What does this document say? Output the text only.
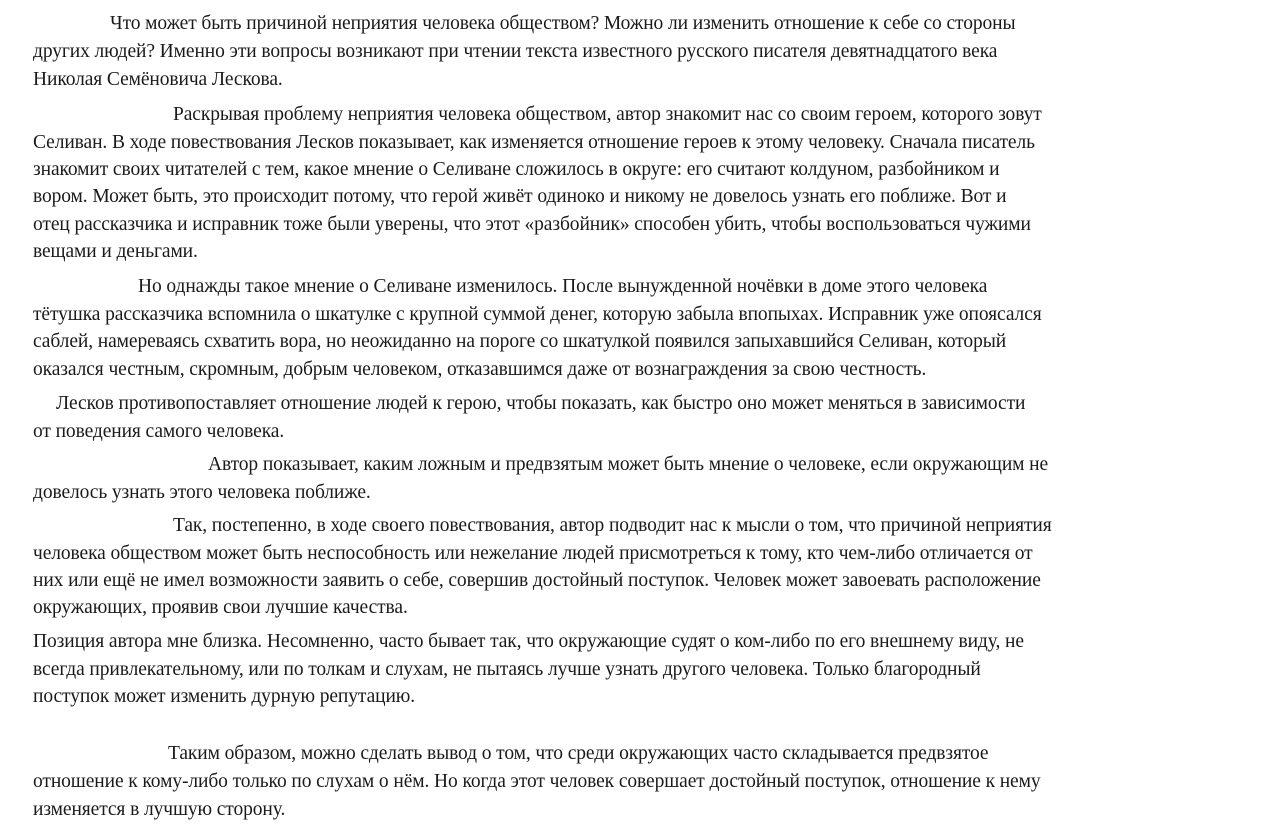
Что может быть причиной неприятия человека обществом? Можно ли изменить отношение к себе со стороны
других людей? Именно эти вопросы возникают при чтении текста известного русского писателя девятнадцатого века
Николая Семёновича Лескова.
Раскрывая проблему неприятия человека обществом, автор знакомит нас со своим героем, которого зовут
Селиван. В ходе повествования Лесков показывает, как изменяется отношение героев к этому человеку. Сначала писатель
знакомит своих читателей с тем, какое мнение о Селиване сложилось в округе: его считают колдуном, разбойником и
вором. Может быть, это происходит потому, что герой живёт одиноко и никому не довелось узнать его поближе. Вот и
отец рассказчика и исправник тоже были уверены, что этот «разбойник» способен убить, чтобы воспользоваться чужими
вещами и деньгами.
Но однажды такое мнение о Селиване изменилось. После вынужденной ночёвки в доме этого человека
тётушка рассказчика вспомнила о шкатулке с крупной суммой денег, которую забыла впопыхах. Исправник уже опоясался
саблей, намереваясь схватить вора, но неожиданно на пороге со шкатулкой появился запыхавшийся Селиван, который
оказался честным, скромным, добрым человеком, отказавшимся даже от вознаграждения за свою честность.
Лесков противопоставляет отношение людей к герою, чтобы показать, как быстро оно может меняться в зависимости
от поведения самого человека.
Автор показывает, каким ложным и предвзятым может быть мнение о человеке, если окружающим не
довелось узнать этого человека поближе.
Так, постепенно, в ходе своего повествования, автор подводит нас к мысли о том, что причиной неприятия
человека обществом может быть неспособность или нежелание людей присмотреться к тому, кто чем-либо отличается от
них или ещё не имел возможности заявить о себе, совершив достойный поступок. Человек может завоевать расположение
окружающих, проявив свои лучшие качества.
Позиция автора мне близка. Несомненно, часто бывает так, что окружающие судят о ком-либо по его внешнему виду, не
всегда привлекательному, или по толкам и слухам, не пытаясь лучше узнать другого человека. Только благородный
поступок может изменить дурную репутацию.
Таким образом, можно сделать вывод о том, что среди окружающих часто складывается предвзятое
отношение к кому-либо только по слухам о нём. Но когда этот человек совершает достойный поступок, отношение к нему
изменяется в лучшую сторону.
